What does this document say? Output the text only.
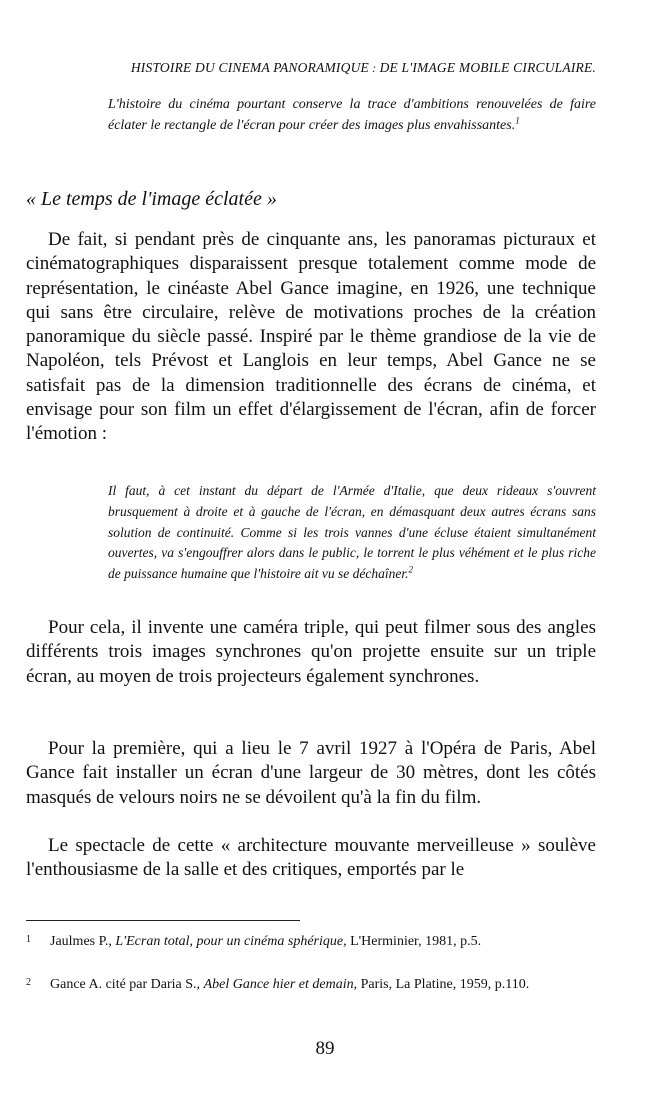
HISTOIRE DU CINEMA PANORAMIQUE : DE L'IMAGE MOBILE CIRCULAIRE.
L'histoire du cinéma pourtant conserve la trace d'ambitions renouvelées de faire éclater le rectangle de l'écran pour créer des images plus envahissantes.$^1$
« Le temps de l'image éclatée »
De fait, si pendant près de cinquante ans, les panoramas picturaux et cinématographiques disparaissent presque totalement comme mode de représentation, le cinéaste Abel Gance imagine, en 1926, une technique qui sans être circulaire, relève de motivations proches de la création panoramique du siècle passé. Inspiré par le thème grandiose de la vie de Napoléon, tels Prévost et Langlois en leur temps, Abel Gance ne se satisfait pas de la dimension traditionnelle des écrans de cinéma, et envisage pour son film un effet d'élargissement de l'écran, afin de forcer l'émotion :
Il faut, à cet instant du départ de l'Armée d'Italie, que deux rideaux s'ouvrent brusquement à droite et à gauche de l'écran, en démasquant deux autres écrans sans solution de continuité. Comme si les trois vannes d'une écluse étaient simultanément ouvertes, va s'engouffrer alors dans le public, le torrent le plus véhément et le plus riche de puissance humaine que l'histoire ait vu se déchaîner.$^2$
Pour cela, il invente une caméra triple, qui peut filmer sous des angles différents trois images synchrones qu'on projette ensuite sur un triple écran, au moyen de trois projecteurs également synchrones.
Pour la première, qui a lieu le 7 avril 1927 à l'Opéra de Paris, Abel Gance fait installer un écran d'une largeur de 30 mètres, dont les côtés masqués de velours noirs ne se dévoilent qu'à la fin du film.
Le spectacle de cette « architecture mouvante merveilleuse » soulève l'enthousiasme de la salle et des critiques, emportés par le
1 Jaulmes P., L'Ecran total, pour un cinéma sphérique, L'Herminier, 1981, p.5.
2 Gance A. cité par Daria S., Abel Gance hier et demain, Paris, La Platine, 1959, p.110.
89
